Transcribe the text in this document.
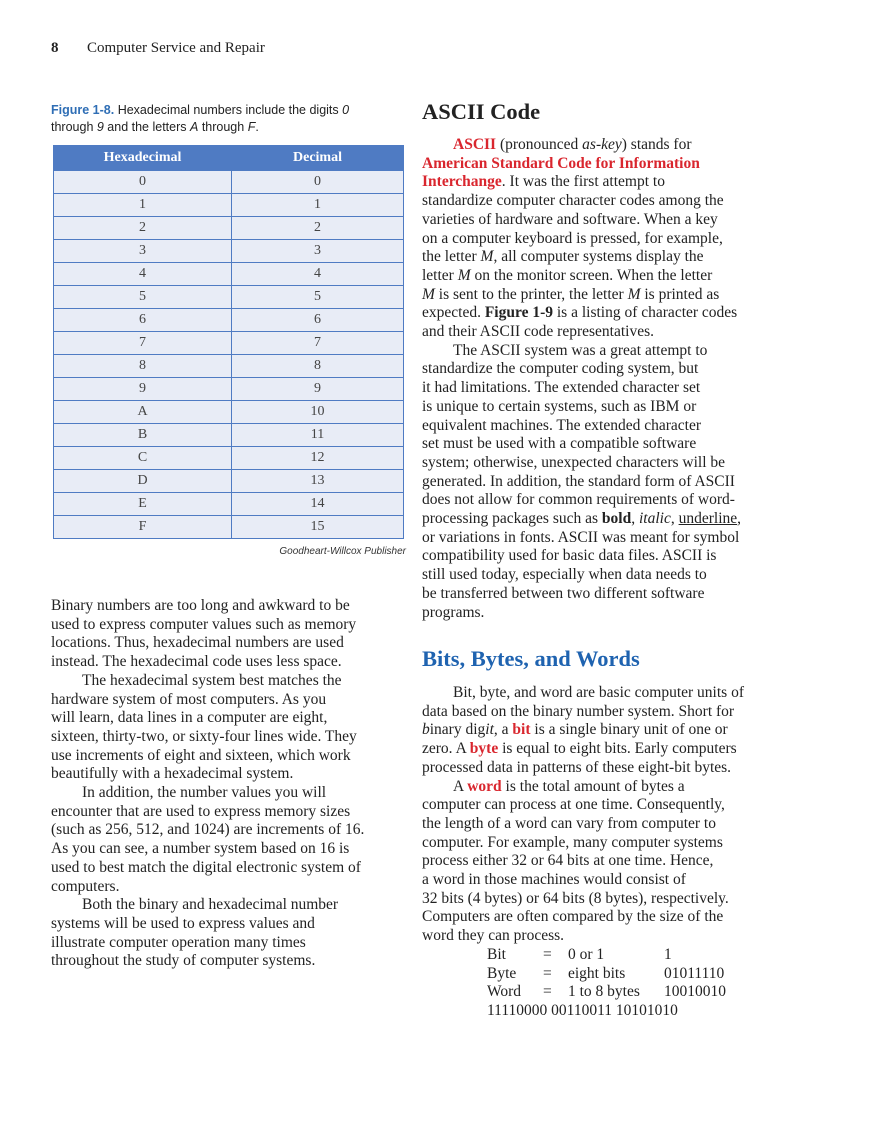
8 Computer Service and Repair
Figure 1-8. Hexadecimal numbers include the digits 0
through 9 and the letters A through F.
Hexadecimal	Decimal
0	0
1	1
2	2
3	3
4	4
5	5
6	6
7	7
8	8
9	9
A	10
B	11
C	12
D	13
E	14
F	15
Goodheart-Willcox Publisher

Binary numbers are too long and awkward to be
used to express computer values such as memory
locations. Thus, hexadecimal numbers are used
instead. The hexadecimal code uses less space.

The hexadecimal system best matches the
hardware system of most computers. As you
will learn, data lines in a computer are eight,
sixteen, thirty-two, or sixty-four lines wide. They
use increments of eight and sixteen, which work
beautifully with a hexadecimal system.

In addition, the number values you will
encounter that are used to express memory sizes
(such as 256, 512, and 1024) are increments of 16.
As you can see, a number system based on 16 is
used to best match the digital electronic system of
computers.

Both the binary and hexadecimal number
systems will be used to express values and
illustrate computer operation many times
throughout the study of computer systems.

ASCII Code

ASCII (pronounced as-key) stands for
American Standard Code for Information
Interchange. It was the first attempt to
standardize computer character codes among the
varieties of hardware and software. When a key
on a computer keyboard is pressed, for example,
the letter M, all computer systems display the
letter M on the monitor screen. When the letter
M is sent to the printer, the letter M is printed as
expected. Figure 1-9 is a listing of character codes
and their ASCII code representatives.

The ASCII system was a great attempt to
standardize the computer coding system, but
it had limitations. The extended character set
is unique to certain systems, such as IBM or
equivalent machines. The extended character
set must be used with a compatible software
system; otherwise, unexpected characters will be
generated. In addition, the standard form of ASCII
does not allow for common requirements of word-
processing packages such as bold, italic, underline,
or variations in fonts. ASCII was meant for symbol
compatibility used for basic data files. ASCII is
still used today, especially when data needs to
be transferred between two different software
programs.

Bits, Bytes, and Words

Bit, byte, and word are basic computer units of
data based on the binary number system. Short for
binary digit, a bit is a single binary unit of one or
zero. A byte is equal to eight bits. Early computers
processed data in patterns of these eight-bit bytes.

A word is the total amount of bytes a
computer can process at one time. Consequently,
the length of a word can vary from computer to
computer. For example, many computer systems
process either 32 or 64 bits at one time. Hence,
a word in those machines would consist of
32 bits (4 bytes) or 64 bits (8 bytes), respectively.
Computers are often compared by the size of the
word they can process.

Bit = 0 or 1	1
Byte = eight bits 01011110
Word = 1 to 8 bytes 10010010
11110000 00110011 10101010
